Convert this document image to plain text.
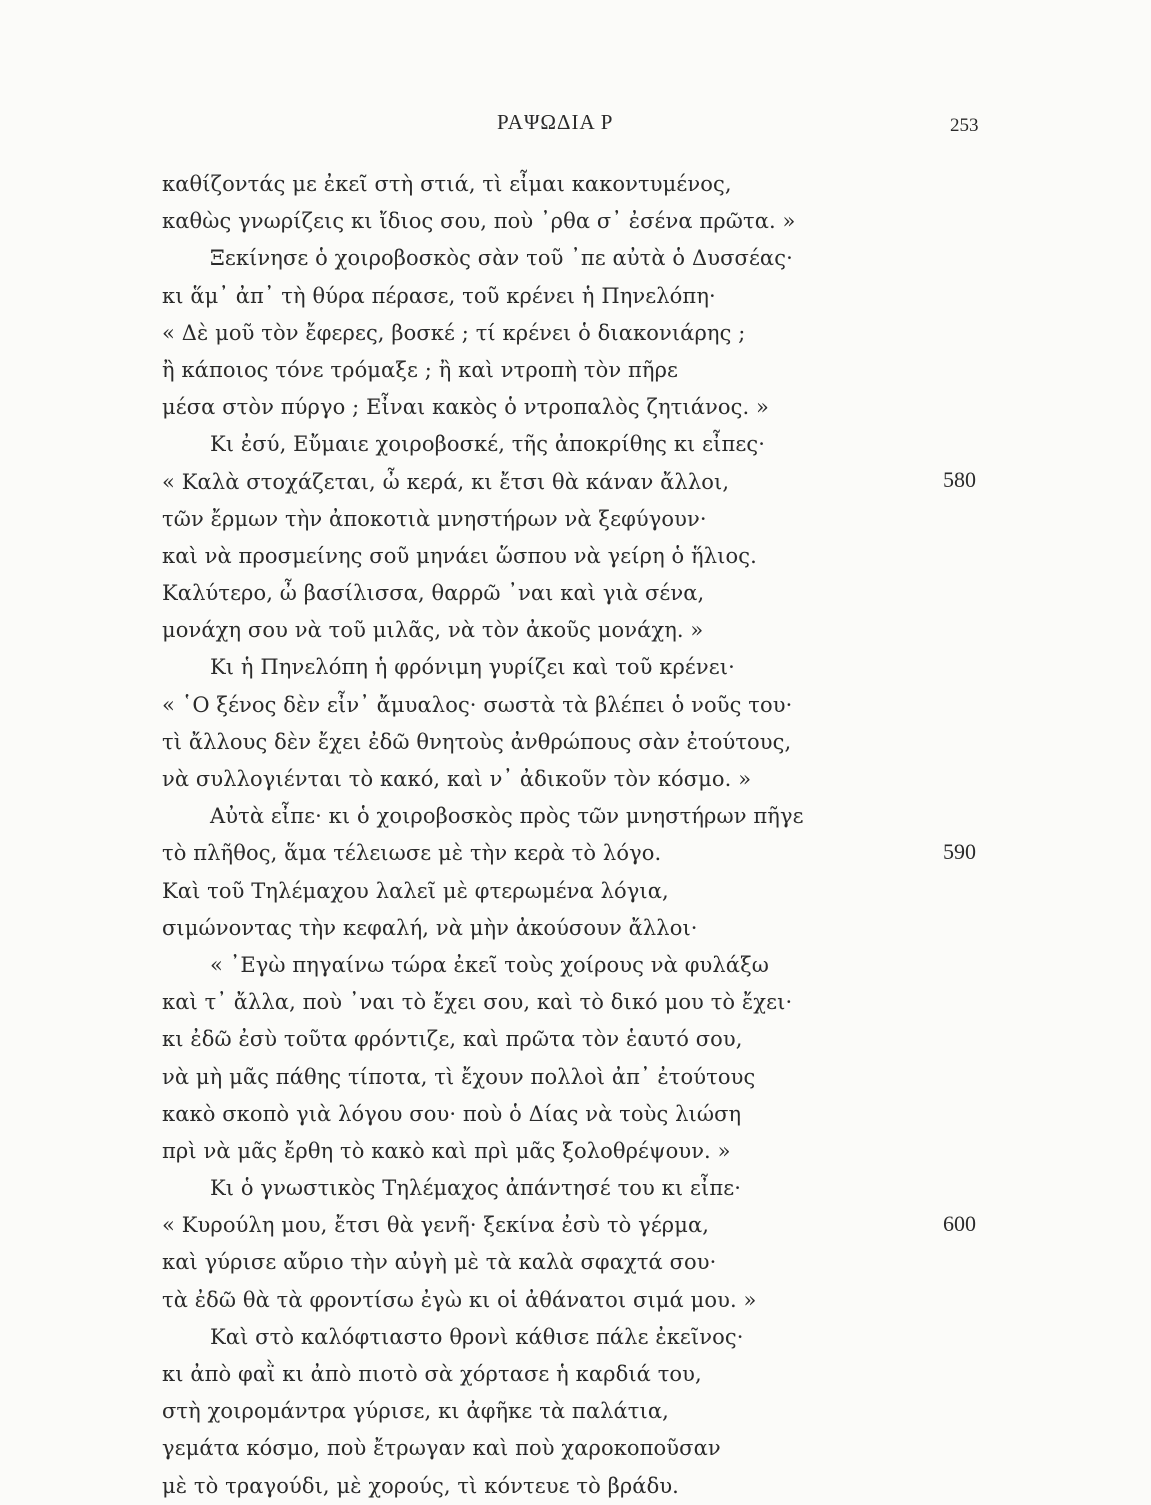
ΡΑΨΩΔΙΑ Ρ	253
καθίζοντάς με ἐκεῖ στὴ στιά, τὶ εἶμαι κακοντυμένος,
καθὼς γνωρίζεις κι ἴδιος σου, ποὺ ᾿ρθα σ᾿ ἐσένα πρῶτα. »
Ξεκίνησε ὁ χοιροβοσκὸς σὰν τοῦ ᾿πε αὐτὰ ὁ Δυσσέας·
κι ἅμ᾿ ἀπ᾿ τὴ θύρα πέρασε, τοῦ κρένει ἡ Πηνελόπη·
« Δὲ μοῦ τὸν ἔφερες, βοσκέ ; τί κρένει ὁ διακονιάρης ;
ἢ κάποιος τόνε τρόμαξε ; ἢ καὶ ντροπὴ τὸν πῆρε
μέσα στὸν πύργο ; Εἶναι κακὸς ὁ ντροπαλὸς ζητιάνος. »
Κι ἐσύ, Εὔμαιε χοιροβοσκέ, τῆς ἀποκρίθης κι εἶπες·
« Καλὰ στοχάζεται, ὦ κερά, κι ἔτσι θὰ κάναν ἄλλοι,
τῶν ἔρμων τὴν ἀποκοτιὰ μνηστήρων νὰ ξεφύγουν·
καὶ νὰ προσμείνης σοῦ μηνάει ὥσπου νὰ γείρη ὁ ἥλιος.
Καλύτερο, ὦ βασίλισσα, θαρρῶ ᾿ναι καὶ γιὰ σένα,
μονάχη σου νὰ τοῦ μιλᾶς, νὰ τὸν ἀκοῦς μονάχη. »
Κι ἡ Πηνελόπη ἡ φρόνιμη γυρίζει καὶ τοῦ κρένει·
« ῾Ο ξένος δὲν εἶν᾿ ἄμυαλος· σωστὰ τὰ βλέπει ὁ νοῦς του·
τὶ ἄλλους δὲν ἔχει ἐδῶ θνητοὺς ἀνθρώπους σὰν ἐτούτους,
νὰ συλλογιένται τὸ κακό, καὶ ν᾿ ἀδικοῦν τὸν κόσμο. »
Αὐτὰ εἶπε· κι ὁ χοιροβοσκὸς πρὸς τῶν μνηστήρων πῆγε
τὸ πλῆθος, ἅμα τέλειωσε μὲ τὴν κερὰ τὸ λόγο.
Καὶ τοῦ Τηλέμαχου λαλεῖ μὲ φτερωμένα λόγια,
σιμώνοντας τὴν κεφαλή, νὰ μὴν ἀκούσουν ἄλλοι·
« ᾿Εγὼ πηγαίνω τώρα ἐκεῖ τοὺς χοίρους νὰ φυλάξω
καὶ τ᾿ ἄλλα, ποὺ ᾿ναι τὸ ἔχει σου, καὶ τὸ δικό μου τὸ ἔχει·
κι ἐδῶ ἐσὺ τοῦτα φρόντιζε, καὶ πρῶτα τὸν ἑαυτό σου,
νὰ μὴ μᾶς πάθης τίποτα, τὶ ἔχουν πολλοὶ ἀπ᾿ ἐτούτους
κακὸ σκοπὸ γιὰ λόγου σου· ποὺ ὁ Δίας νὰ τοὺς λιώση
πρὶ νὰ μᾶς ἔρθη τὸ κακὸ καὶ πρὶ μᾶς ξολοθρέψουν. »
Κι ὁ γνωστικὸς Τηλέμαχος ἀπάντησέ του κι εἶπε·
« Κυρούλη μου, ἔτσι θὰ γενῆ· ξεκίνα ἐσὺ τὸ γέρμα,
καὶ γύρισε αὔριο τὴν αὐγὴ μὲ τὰ καλὰ σφαχτά σου·
τὰ ἐδῶ θὰ τὰ φροντίσω ἐγὼ κι οἱ ἀθάνατοι σιμά μου. »
Καὶ στὸ καλόφτιαστο θρονὶ κάθισε πάλε ἐκεῖνος·
κι ἀπὸ φαῒ κι ἀπὸ πιοτὸ σὰ χόρτασε ἡ καρδιά του,
στὴ χοιρομάντρα γύρισε, κι ἀφῆκε τὰ παλάτια,
γεμάτα κόσμο, ποὺ ἔτρωγαν καὶ ποὺ χαροκοποῦσαν
μὲ τὸ τραγούδι, μὲ χορούς, τὶ κόντευε τὸ βράδυ.
580
590
600
